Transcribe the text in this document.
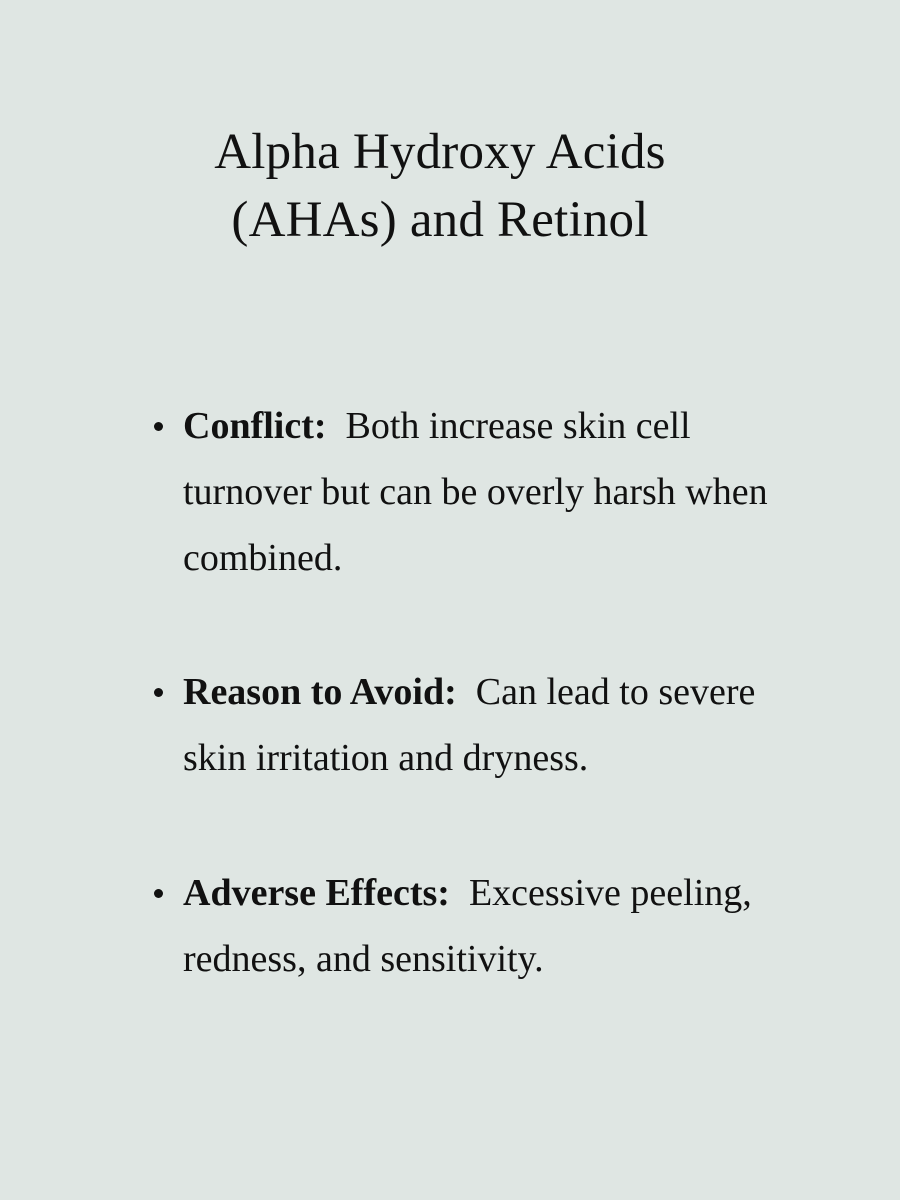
Alpha Hydroxy Acids
(AHAs) and Retinol
Conflict: Both increase skin cell turnover but can be overly harsh when combined.
Reason to Avoid: Can lead to severe skin irritation and dryness.
Adverse Effects: Excessive peeling, redness, and sensitivity.
